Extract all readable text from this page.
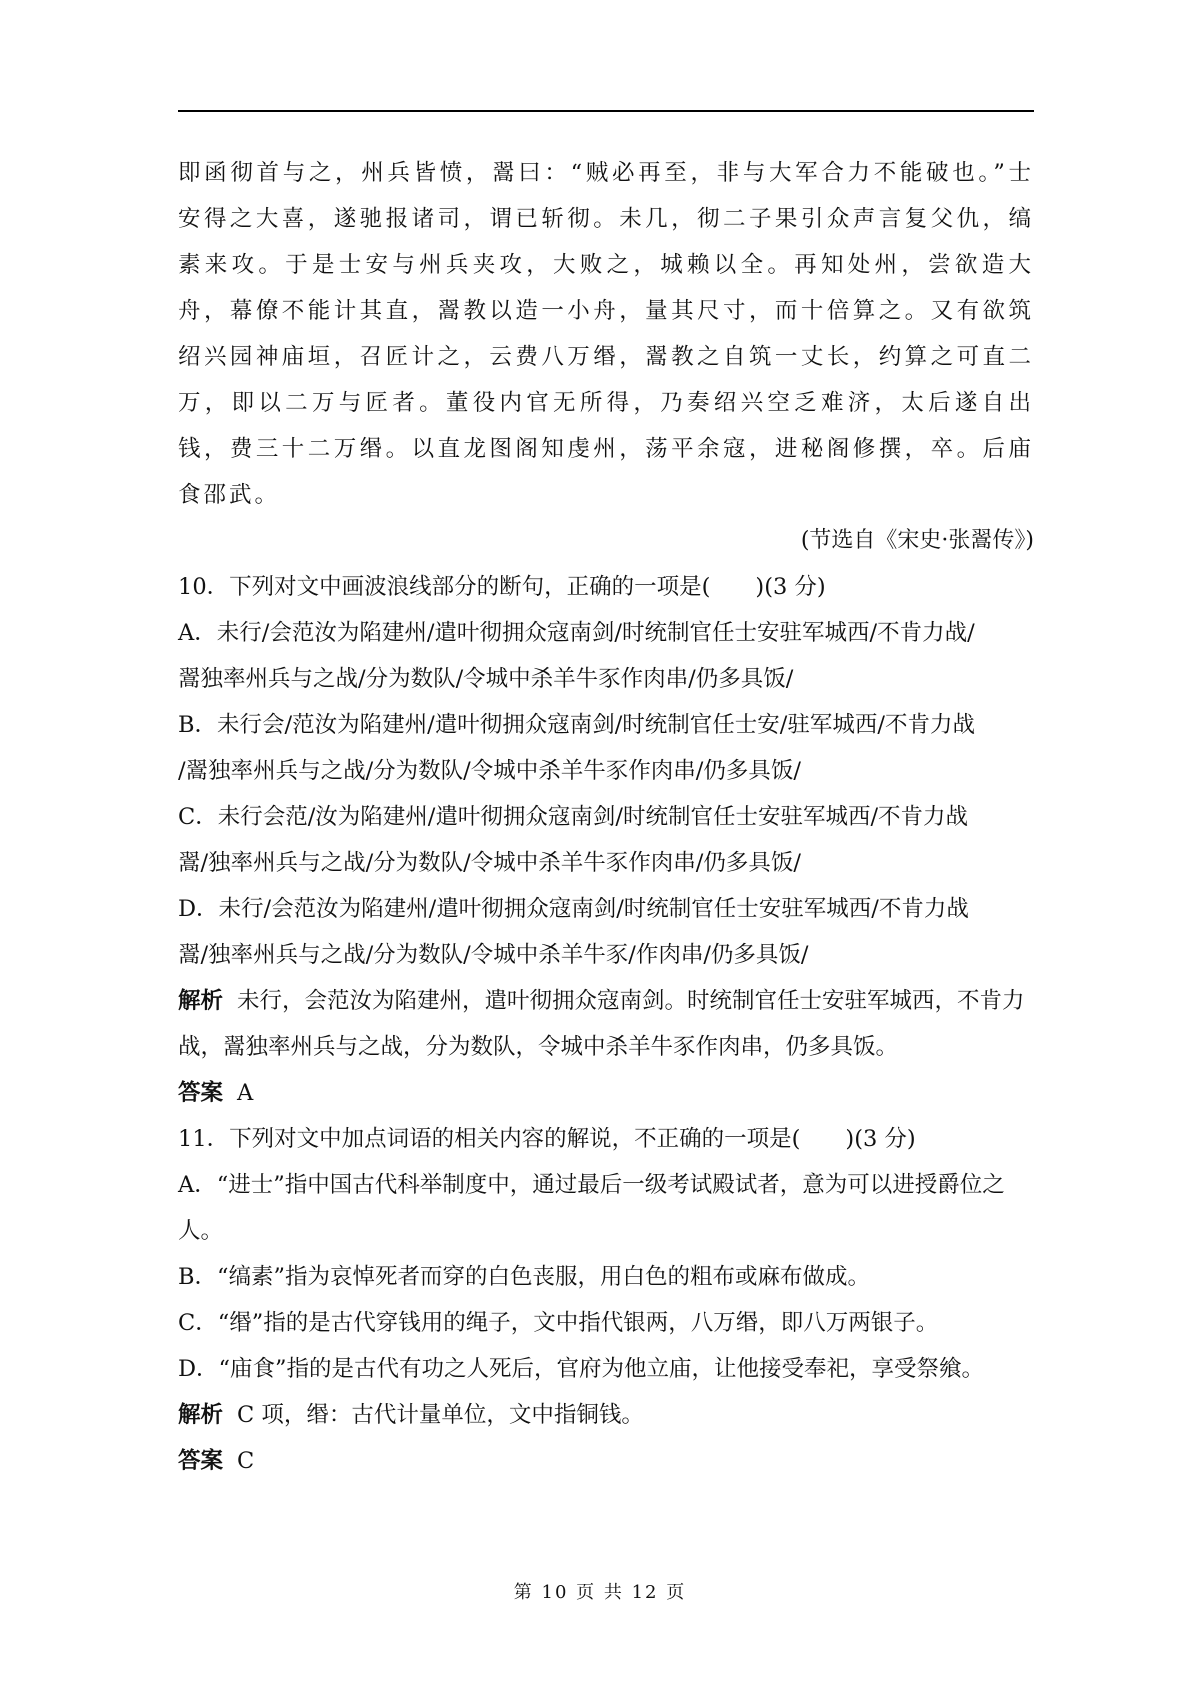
即函彻首与之，州兵皆愤，翯曰：“贼必再至，非与大军合力不能破也。”士安得之大喜，遂驰报诸司，谓已斩彻。未几，彻二子果引众声言复父仇，缟素来攻。于是士安与州兵夹攻，大败之，城赖以全。再知处州，尝欲造大舟，幕僚不能计其直，翯教以造一小舟，量其尺寸，而十倍算之。又有欲筑绍兴园神庙垣，召匠计之，云费八万缗，翯教之自筑一丈长，约算之可直二万，即以二万与匠者。董役内官无所得，乃奏绍兴空乏难济，太后遂自出钱，费三十二万缗。以直龙图阁知虔州，荡平余寇，进秘阁修撰，卒。后庙食邵武。

(节选自《宋史·张翯传》)

10．下列对文中画波浪线部分的断句，正确的一项是(　　)(3 分)

A．未行/会范汝为陷建州/遣叶彻拥众寇南剑/时统制官任士安驻军城西/不肯力战/

翯独率州兵与之战/分为数队/令城中杀羊牛豕作肉串/仍多具饭/

B．未行会/范汝为陷建州/遣叶彻拥众寇南剑/时统制官任士安/驻军城西/不肯力战

/翯独率州兵与之战/分为数队/令城中杀羊牛豕作肉串/仍多具饭/

C．未行会范/汝为陷建州/遣叶彻拥众寇南剑/时统制官任士安驻军城西/不肯力战

翯/独率州兵与之战/分为数队/令城中杀羊牛豕作肉串/仍多具饭/

D．未行/会范汝为陷建州/遣叶彻拥众寇南剑/时统制官任士安驻军城西/不肯力战

翯/独率州兵与之战/分为数队/令城中杀羊牛豕/作肉串/仍多具饭/

解析 未行，会范汝为陷建州，遣叶彻拥众寇南剑。时统制官任士安驻军城西，不肯力战，翯独率州兵与之战，分为数队，令城中杀羊牛豕作肉串，仍多具饭。

答案 A

11．下列对文中加点词语的相关内容的解说，不正确的一项是(　　)(3 分)

A．“进士”指中国古代科举制度中，通过最后一级考试殿试者，意为可以进授爵位之人。

B．“缟素”指为哀悼死者而穿的白色丧服，用白色的粗布或麻布做成。

C．“缗”指的是古代穿钱用的绳子，文中指代银两，八万缗，即八万两银子。

D．“庙食”指的是古代有功之人死后，官府为他立庙，让他接受奉祀，享受祭飨。

解析 C 项，缗：古代计量单位，文中指铜钱。

答案 C

第 10 页 共 12 页
